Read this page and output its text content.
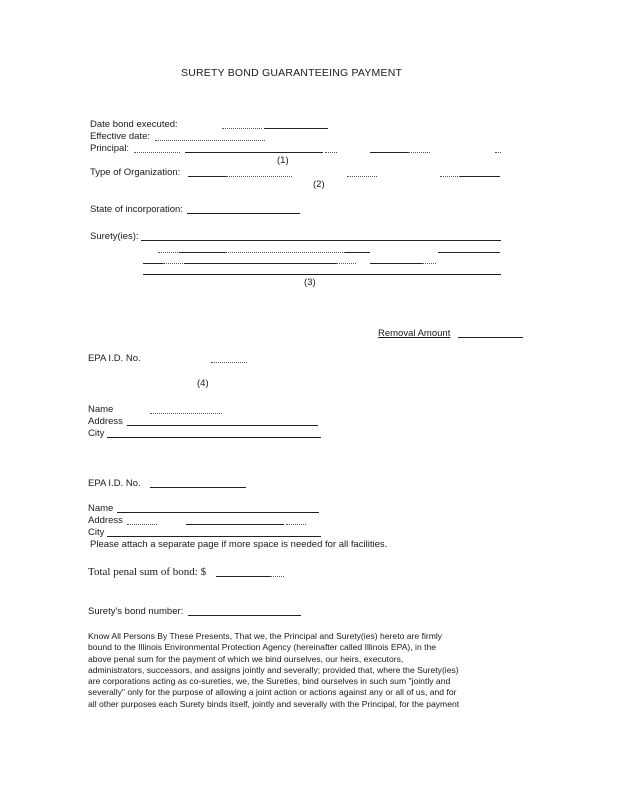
SURETY BOND GUARANTEEING PAYMENT
Date bond executed:
Effective date:
Principal:
(1)
Type of Organization:
(2)
State of incorporation:
Surety(ies):
(3)
Removal Amount
EPA I.D. No.
(4)
Name
Address
City
EPA I.D. No.
Name
Address
City
Please attach a separate page if more space is needed for all facilities.
Total penal sum of bond: $
Surety's bond number:
Know All Persons By These Presents, That we, the Principal and Surety(ies) hereto are firmly
bound to the Illinois Environmental Protection Agency (hereinafter called Illinois EPA), in the
above penal sum for the payment of which we bind ourselves, our heirs, executors,
administrators, successors, and assigns jointly and severally; provided that, where the Surety(ies)
are corporations acting as co-sureties, we, the Sureties, bind ourselves in such sum "jointly and
severally" only for the purpose of allowing a joint action or actions against any or all of us, and for
all other purposes each Surety binds itself, jointly and severally with the Principal, for the payment
